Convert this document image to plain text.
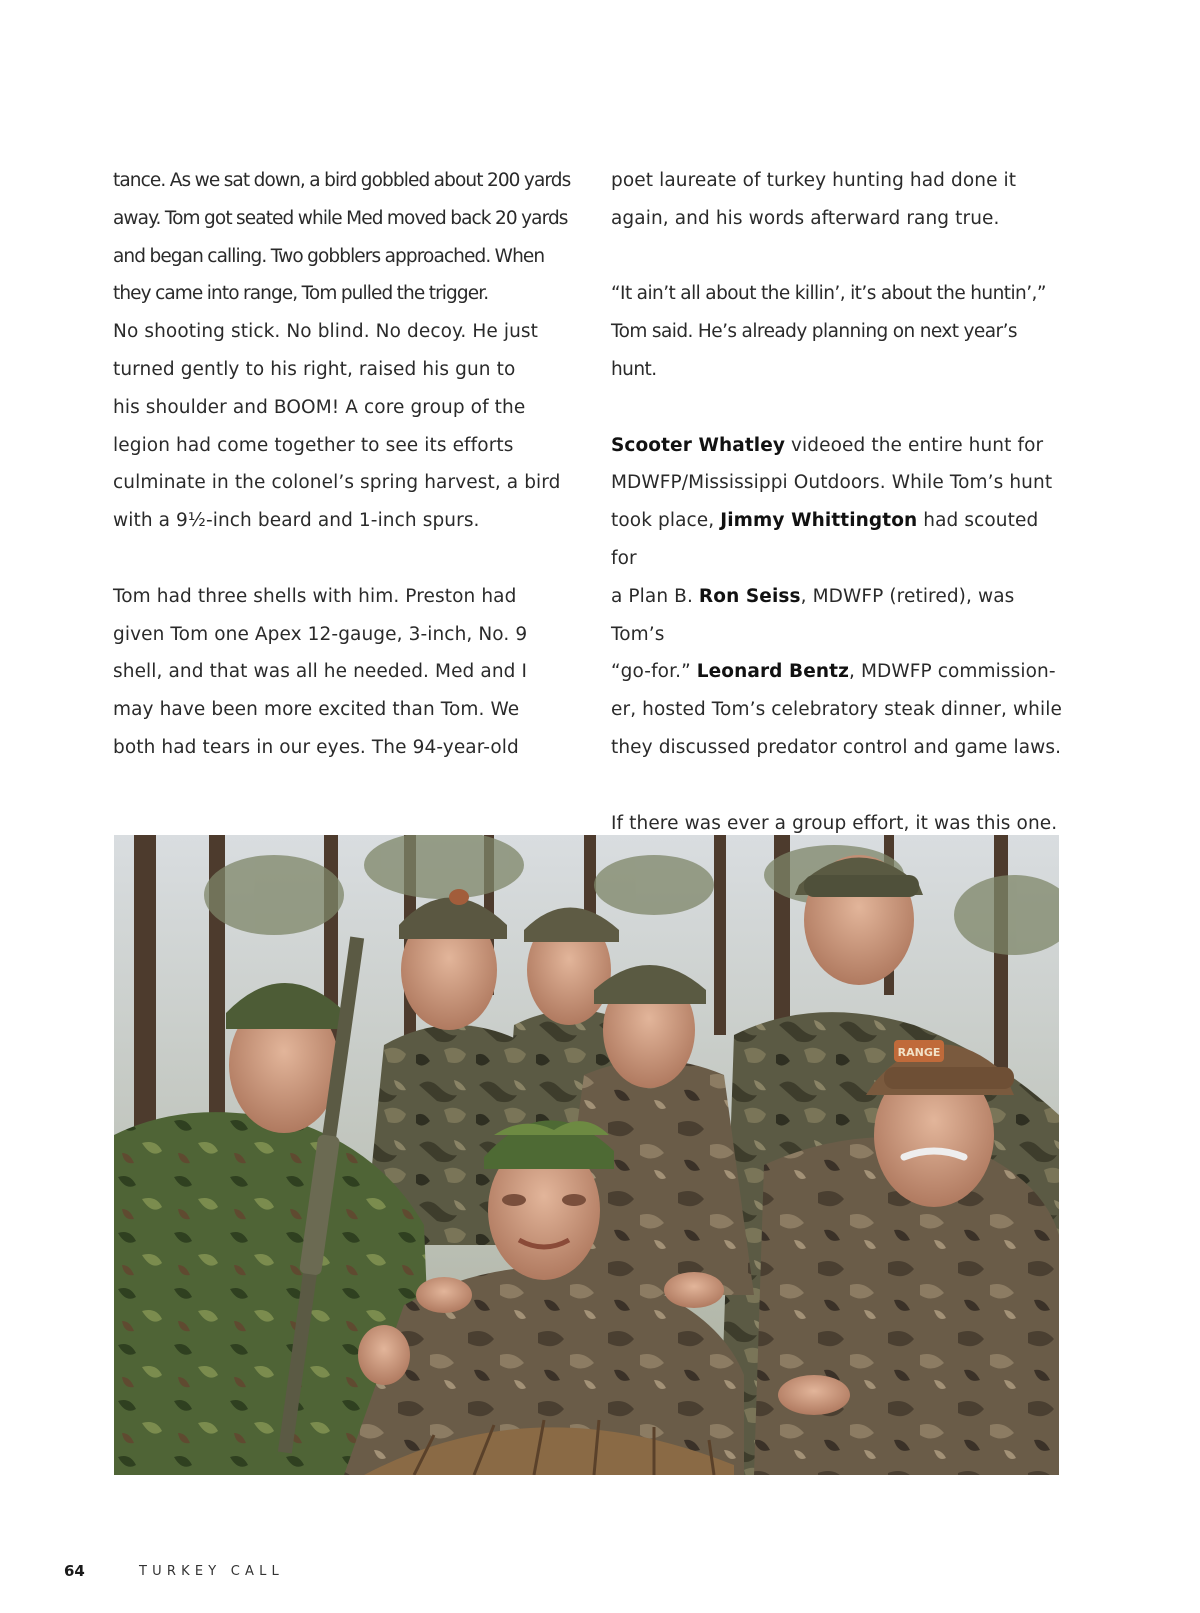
tance. As we sat down, a bird gobbled about 200 yards
away. Tom got seated while Med moved back 20 yards
and began calling. Two gobblers approached. When
they came into range, Tom pulled the trigger.

No shooting stick. No blind. No decoy. He just
turned gently to his right, raised his gun to
his shoulder and BOOM! A core group of the
legion had come together to see its efforts
culminate in the colonel’s spring harvest, a bird
with a 9½-inch beard and 1-inch spurs.

Tom had three shells with him. Preston had
given Tom one Apex 12-gauge, 3-inch, No. 9
shell, and that was all he needed. Med and I
may have been more excited than Tom. We
both had tears in our eyes. The 94-year-old

poet laureate of turkey hunting had done it
again, and his words afterward rang true.

“It ain’t all about the killin’, it’s about the huntin’,”
Tom said. He’s already planning on next year’s hunt.

Scooter Whatley videoed the entire hunt for
MDWFP/Mississippi Outdoors. While Tom’s hunt
took place, Jimmy Whittington had scouted for
a Plan B. Ron Seiss, MDWFP (retired), was Tom’s
“go-for.” Leonard Bentz, MDWFP commission-
er, hosted Tom’s celebratory steak dinner, while
they discussed predator control and game laws.

If there was ever a group effort, it was this one.

RANGE
64	TURKEY CALL
